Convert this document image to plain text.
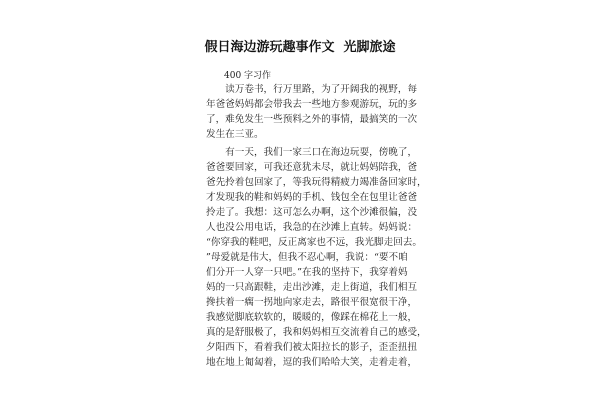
假日海边游玩趣事作文 光脚旅途

400 字习作

　　读万卷书，行万里路，为了开阔我的视野，每
年爸爸妈妈都会带我去一些地方参观游玩，玩的多
了，难免发生一些预料之外的事情，最搞笑的一次
发生在三亚。
　　有一天，我们一家三口在海边玩耍，傍晚了，
爸爸要回家，可我还意犹未尽，就让妈妈陪我，爸
爸先拎着包回家了，等我玩得精疲力竭准备回家时，
才发现我的鞋和妈妈的手机、钱包全在包里让爸爸
拎走了。我想：这可怎么办啊，这个沙滩很偏，没
人也没公用电话，我急的在沙滩上直转。妈妈说：
“你穿我的鞋吧，反正离家也不远，我光脚走回去。
”母爱就是伟大，但我不忍心啊，我说：“要不咱
们分开一人穿一只吧。”在我的坚持下，我穿着妈
妈的一只高跟鞋，走出沙滩，走上街道，我们相互
搀扶着一瘸一拐地向家走去，路很平很宽很干净，
我感觉脚底软软的，暖暖的，像踩在棉花上一般，
真的是舒服极了，我和妈妈相互交流着自己的感受，
夕阳西下，看着我们被太阳拉长的影子，歪歪扭扭
地在地上匍匐着，逗的我们哈哈大笑，走着走着，
